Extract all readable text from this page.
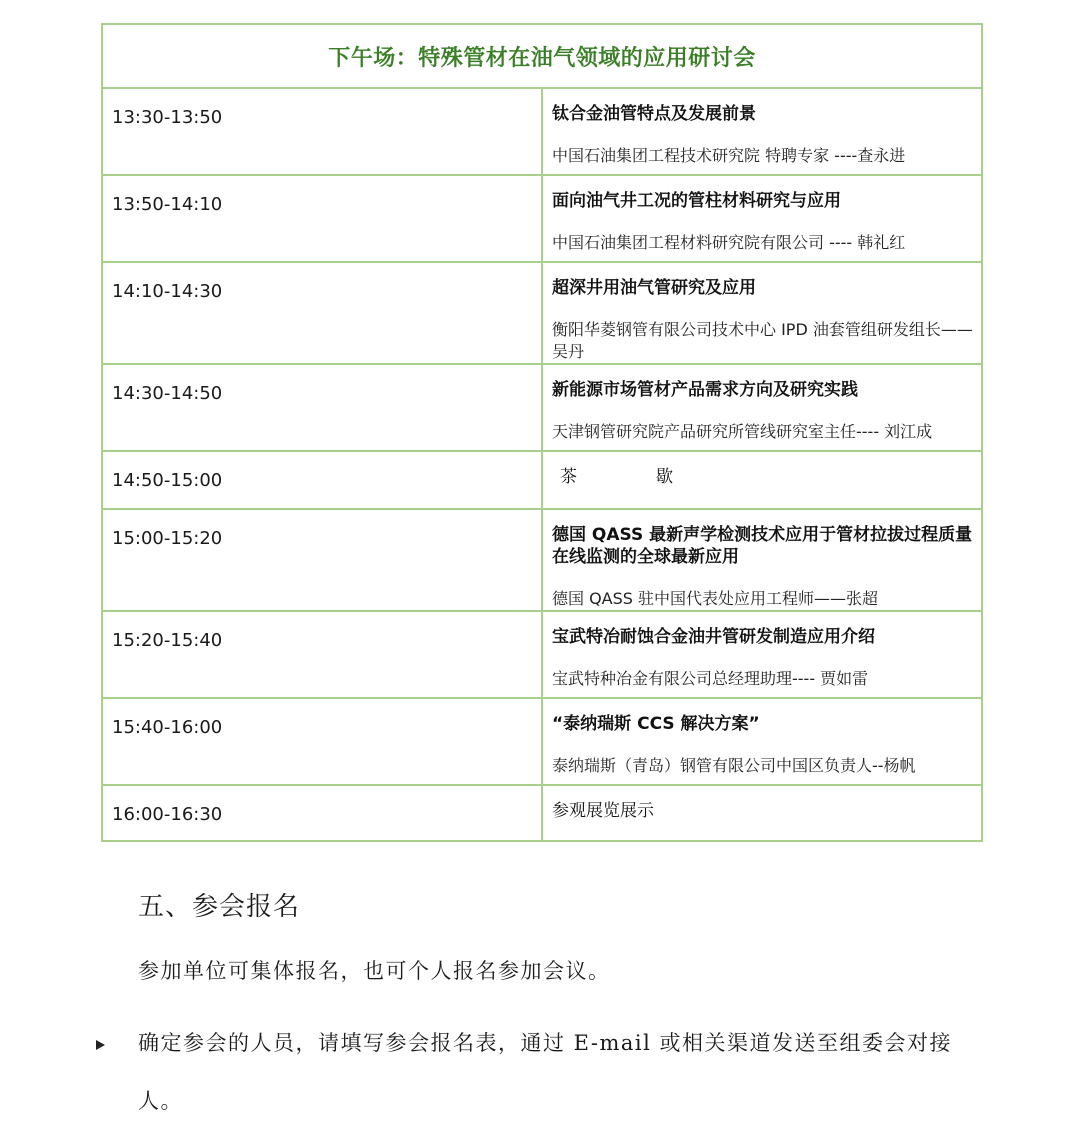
下午场：特殊管材在油气领域的应用研讨会	
13:30-13:50	钛合金油管特点及发展前景
中国石油集团工程技术研究院 特聘专家 ----查永进

13:50-14:10	面向油气井工况的管柱材料研究与应用
中国石油集团工程材料研究院有限公司 ---- 韩礼红

14:10-14:30	超深井用油气管研究及应用
衡阳华菱钢管有限公司技术中心 IPD 油套管组研发组长——吴丹

14:30-14:50	新能源市场管材产品需求方向及研究实践
天津钢管研究院产品研究所管线研究室主任---- 刘江成

14:50-15:00	茶 歇

15:00-15:20	德国 QASS 最新声学检测技术应用于管材拉拔过程质量在线监测的全球最新应用
德国 QASS 驻中国代表处应用工程师——张超

15:20-15:40	宝武特冶耐蚀合金油井管研发制造应用介绍
宝武特种冶金有限公司总经理助理---- 贾如雷

15:40-16:00	“泰纳瑞斯 CCS 解决方案”
泰纳瑞斯（青岛）钢管有限公司中国区负责人--杨帆

16:00-16:30	参观展览展示
五、参会报名
参加单位可集体报名，也可个人报名参加会议。
确定参会的人员，请填写参会报名表，通过 E-mail 或相关渠道发送至组委会对接人。
